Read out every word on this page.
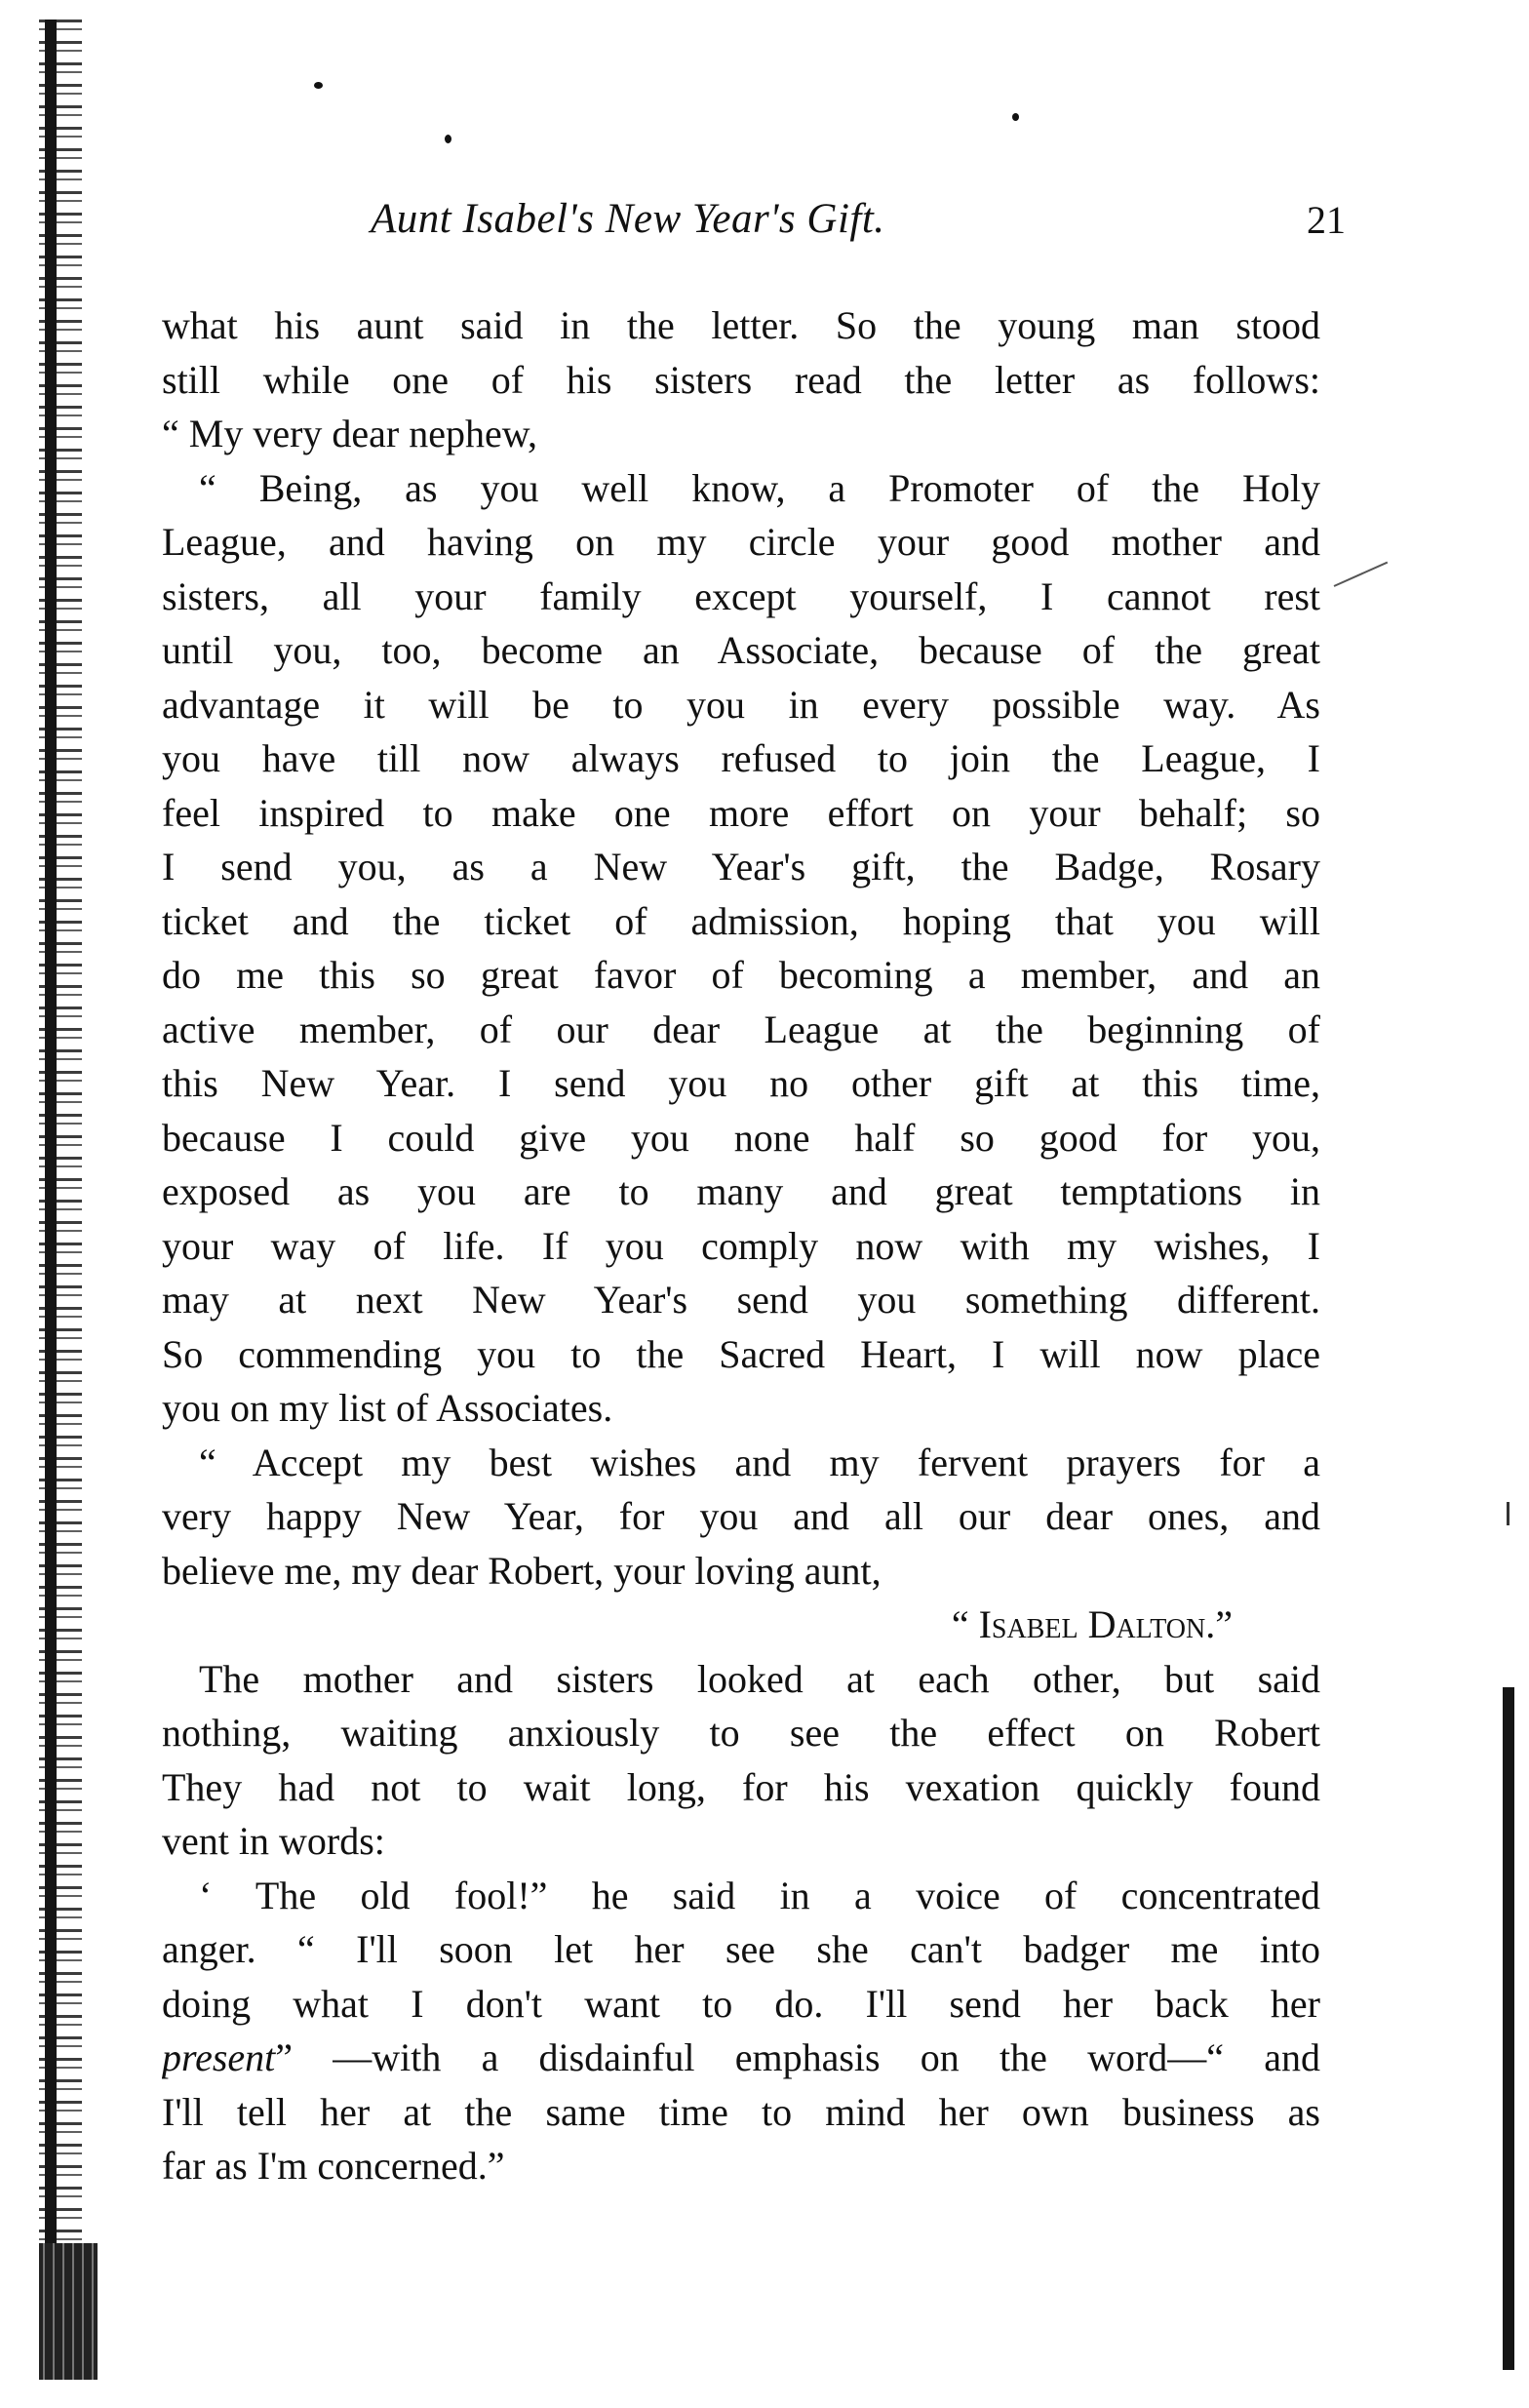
Aunt Isabel's New Year's Gift.	21
what his aunt said in the letter. So the young man stood
still while one of his sisters read the letter as follows:
“ My very dear nephew,
“ Being, as you well know, a Promoter of the Holy
League, and having on my circle your good mother and
sisters, all your family except yourself, I cannot rest
until you, too, become an Associate, because of the great
advantage it will be to you in every possible way. As
you have till now always refused to join the League, I
feel inspired to make one more effort on your behalf; so
I send you, as a New Year's gift, the Badge, Rosary
ticket and the ticket of admission, hoping that you will
do me this so great favor of becoming a member, and an
active member, of our dear League at the beginning of
this New Year. I send you no other gift at this time,
because I could give you none half so good for you,
exposed as you are to many and great temptations in
your way of life. If you comply now with my wishes, I
may at next New Year's send you something different.
So commending you to the Sacred Heart, I will now place
you on my list of Associates.
“ Accept my best wishes and my fervent prayers for a
very happy New Year, for you and all our dear ones, and
believe me, my dear Robert, your loving aunt,
“ Isabel Dalton.”
The mother and sisters looked at each other, but said
nothing, waiting anxiously to see the effect on Robert
They had not to wait long, for his vexation quickly found
vent in words:
‘ The old fool!” he said in a voice of concentrated
anger. “ I'll soon let her see she can't badger me into
doing what I don't want to do. I'll send her back her
present” —with a disdainful emphasis on the word—“ and
I'll tell her at the same time to mind her own business as
far as I'm concerned.”
